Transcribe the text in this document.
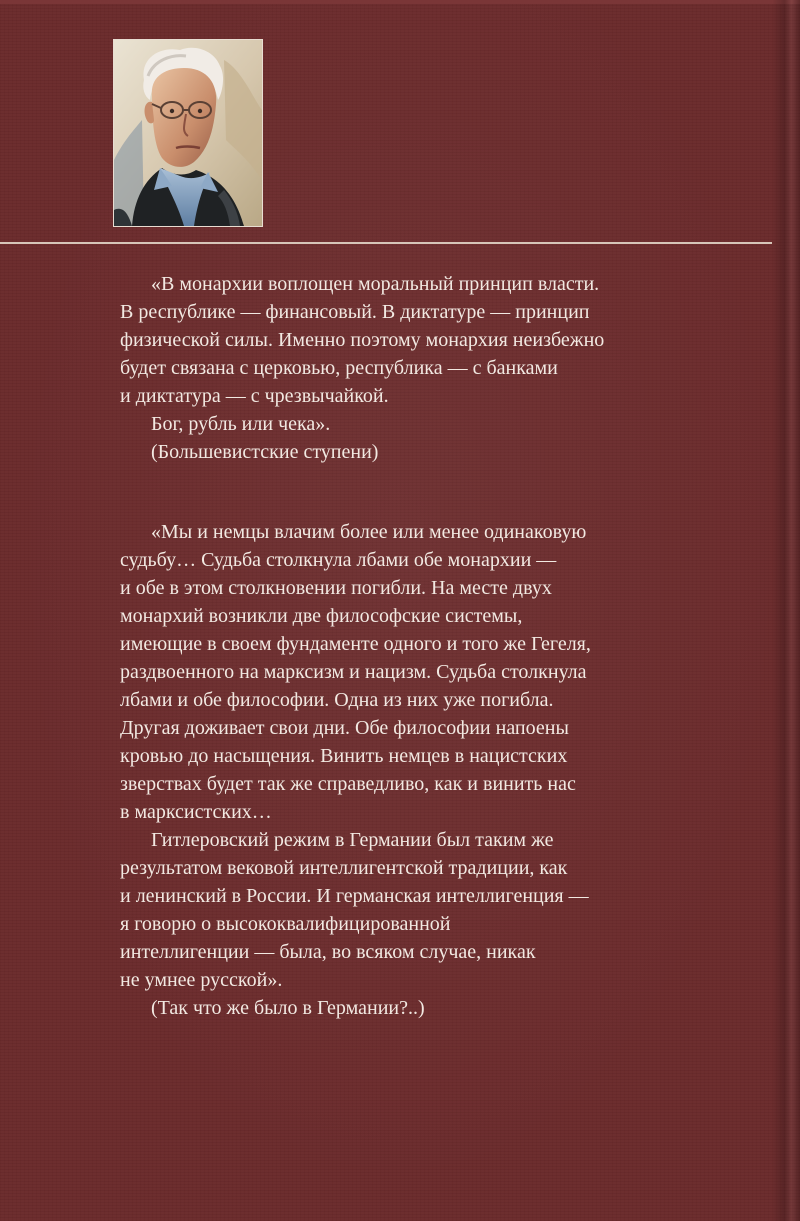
«В монархии воплощен моральный принцип власти.
В республике — финансовый. В диктатуре — принцип
физической силы. Именно поэтому монархия неизбежно
будет связана с церковью, республика — с банками
и диктатура — с чрезвычайкой.
Бог, рубль или чека».
(Большевистские ступени)
«Мы и немцы влачим более или менее одинаковую
судьбу… Судьба столкнула лбами обе монархии —
и обе в этом столкновении погибли. На месте двух
монархий возникли две философские системы,
имеющие в своем фундаменте одного и того же Гегеля,
раздвоенного на марксизм и нацизм. Судьба столкнула
лбами и обе философии. Одна из них уже погибла.
Другая доживает свои дни. Обе философии напоены
кровью до насыщения. Винить немцев в нацистских
зверствах будет так же справедливо, как и винить нас
в марксистских…
Гитлеровский режим в Германии был таким же
результатом вековой интеллигентской традиции, как
и ленинский в России. И германская интеллигенция —
я говорю о высококвалифицированной
интеллигенции — была, во всяком случае, никак
не умнее русской».
(Так что же было в Германии?..)
